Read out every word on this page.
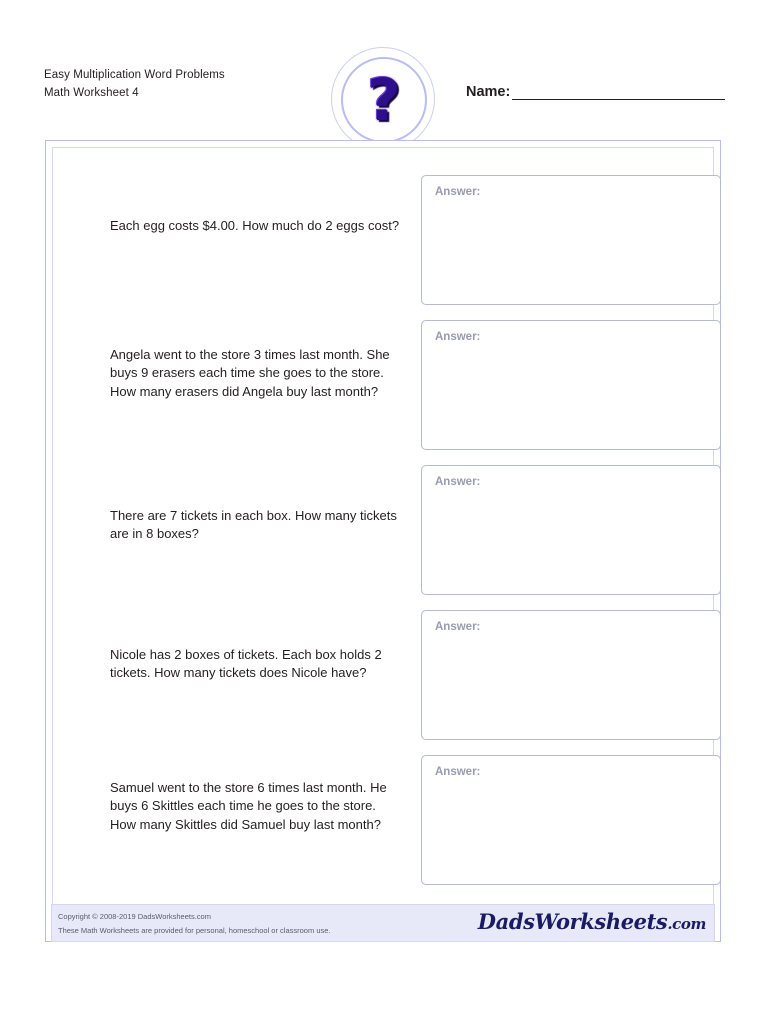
Easy Multiplication Word Problems
Math Worksheet 4	Name:
?
Each egg costs $4.00. How much do 2 eggs cost?
Answer:
Angela went to the store 3 times last month. She buys 9 erasers each time she goes to the store. How many erasers did Angela buy last month?
Answer:
There are 7 tickets in each box. How many tickets are in 8 boxes?
Answer:
Nicole has 2 boxes of tickets. Each box holds 2 tickets. How many tickets does Nicole have?
Answer:
Samuel went to the store 6 times last month. He buys 6 Skittles each time he goes to the store. How many Skittles did Samuel buy last month?
Answer:
Copyright © 2008-2019 DadsWorksheets.com
These Math Worksheets are provided for personal, homeschool or classroom use.	DadsWorksheets.com
